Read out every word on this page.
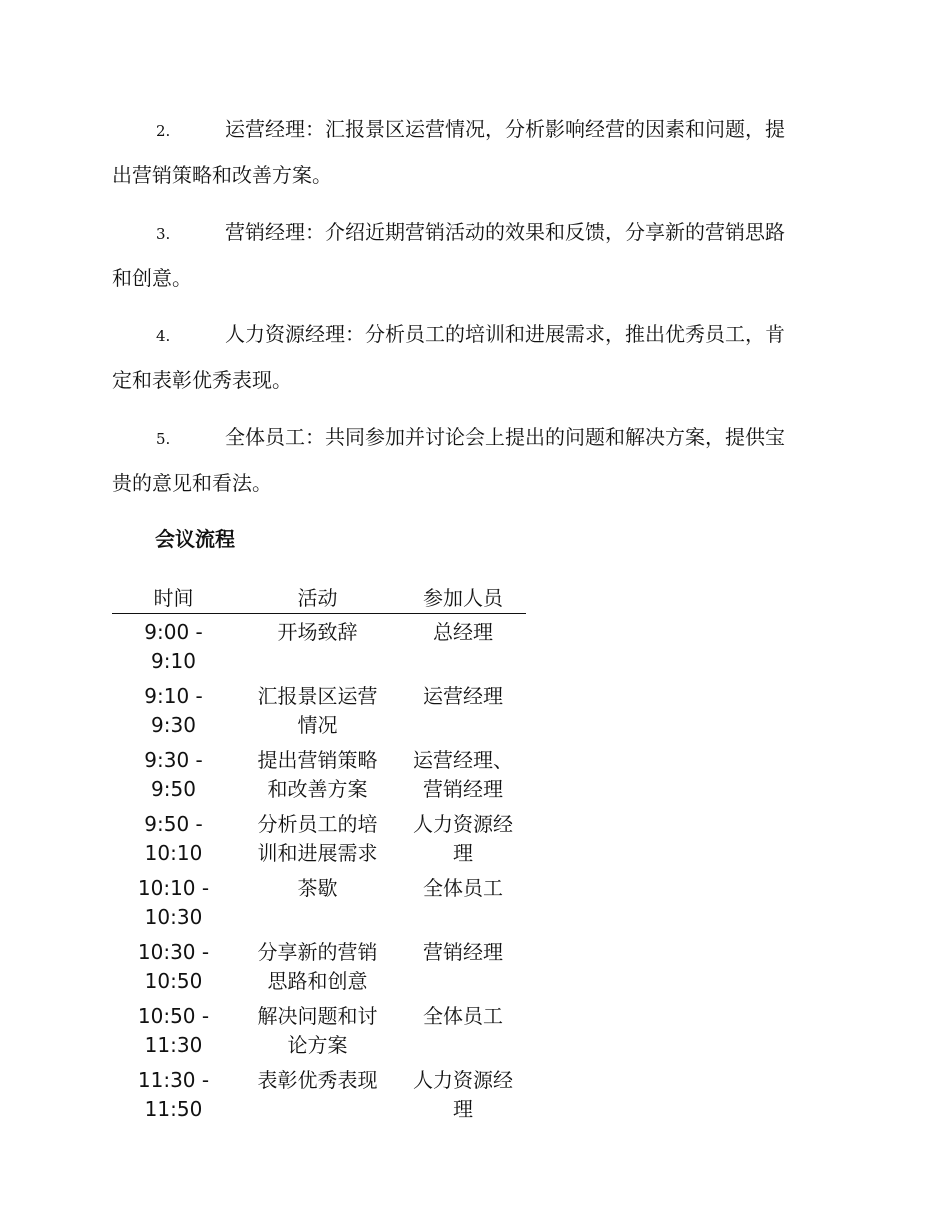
2.	运营经理：汇报景区运营情况，分析影响经营的因素和问题，提
出营销策略和改善方案。
3.	营销经理：介绍近期营销活动的效果和反馈，分享新的营销思路
和创意。
4.	人力资源经理：分析员工的培训和进展需求，推出优秀员工，肯
定和表彰优秀表现。
5.	全体员工：共同参加并讨论会上提出的问题和解决方案，提供宝
贵的意见和看法。
会议流程
时间	活动	参加人员
9:00 - 9:10	开场致辞	总经理
9:10 - 9:30	汇报景区运营情况	运营经理
9:30 - 9:50	提出营销策略和改善方案	运营经理、营销经理
9:50 - 10:10	分析员工的培训和进展需求	人力资源经理
10:10 - 10:30	茶歇	全体员工
10:30 - 10:50	分享新的营销思路和创意	营销经理
10:50 - 11:30	解决问题和讨论方案	全体员工
11:30 - 11:50	表彰优秀表现	人力资源经理
